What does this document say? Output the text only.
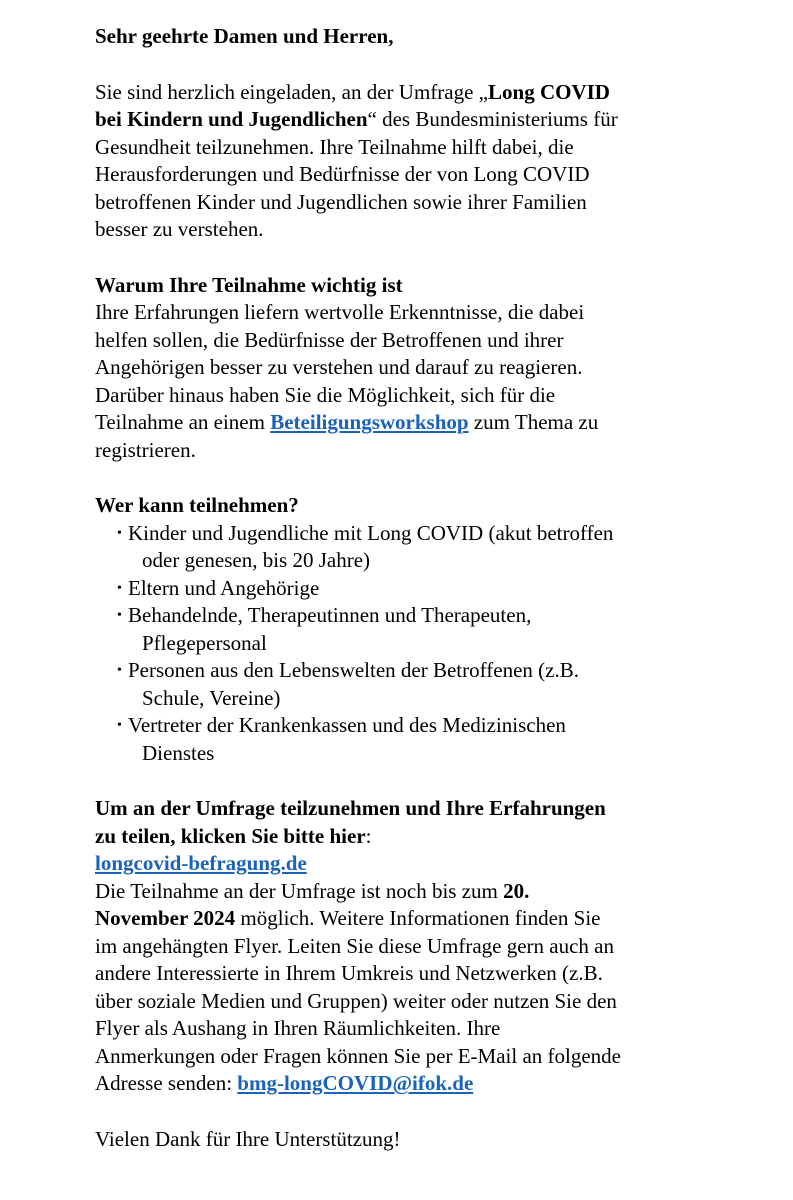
Sehr geehrte Damen und Herren,

Sie sind herzlich eingeladen, an der Umfrage „Long COVID

bei Kindern und Jugendlichen“ des Bundesministeriums für

Gesundheit teilzunehmen. Ihre Teilnahme hilft dabei, die

Herausforderungen und Bedürfnisse der von Long COVID

betroffenen Kinder und Jugendlichen sowie ihrer Familien

besser zu verstehen.

Warum Ihre Teilnahme wichtig ist

Ihre Erfahrungen liefern wertvolle Erkenntnisse, die dabei

helfen sollen, die Bedürfnisse der Betroffenen und ihrer

Angehörigen besser zu verstehen und darauf zu reagieren.

Darüber hinaus haben Sie die Möglichkeit, sich für die

Teilnahme an einem Beteiligungsworkshop zum Thema zu

registrieren.

Wer kann teilnehmen?

• Kinder und Jugendliche mit Long COVID (akut betroffen
oder genesen, bis 20 Jahre)
• Eltern und Angehörige
• Behandelnde, Therapeutinnen und Therapeuten,
Pflegepersonal
• Personen aus den Lebenswelten der Betroffenen (z.B.
Schule, Vereine)
• Vertreter der Krankenkassen und des Medizinischen
Dienstes

Um an der Umfrage teilzunehmen und Ihre Erfahrungen

zu teilen, klicken Sie bitte hier:

longcovid-befragung.de

Die Teilnahme an der Umfrage ist noch bis zum 20.

November 2024 möglich. Weitere Informationen finden Sie

im angehängten Flyer. Leiten Sie diese Umfrage gern auch an

andere Interessierte in Ihrem Umkreis und Netzwerken (z.B.

über soziale Medien und Gruppen) weiter oder nutzen Sie den

Flyer als Aushang in Ihren Räumlichkeiten. Ihre

Anmerkungen oder Fragen können Sie per E-Mail an folgende

Adresse senden: bmg-longCOVID@ifok.de

Vielen Dank für Ihre Unterstützung!
